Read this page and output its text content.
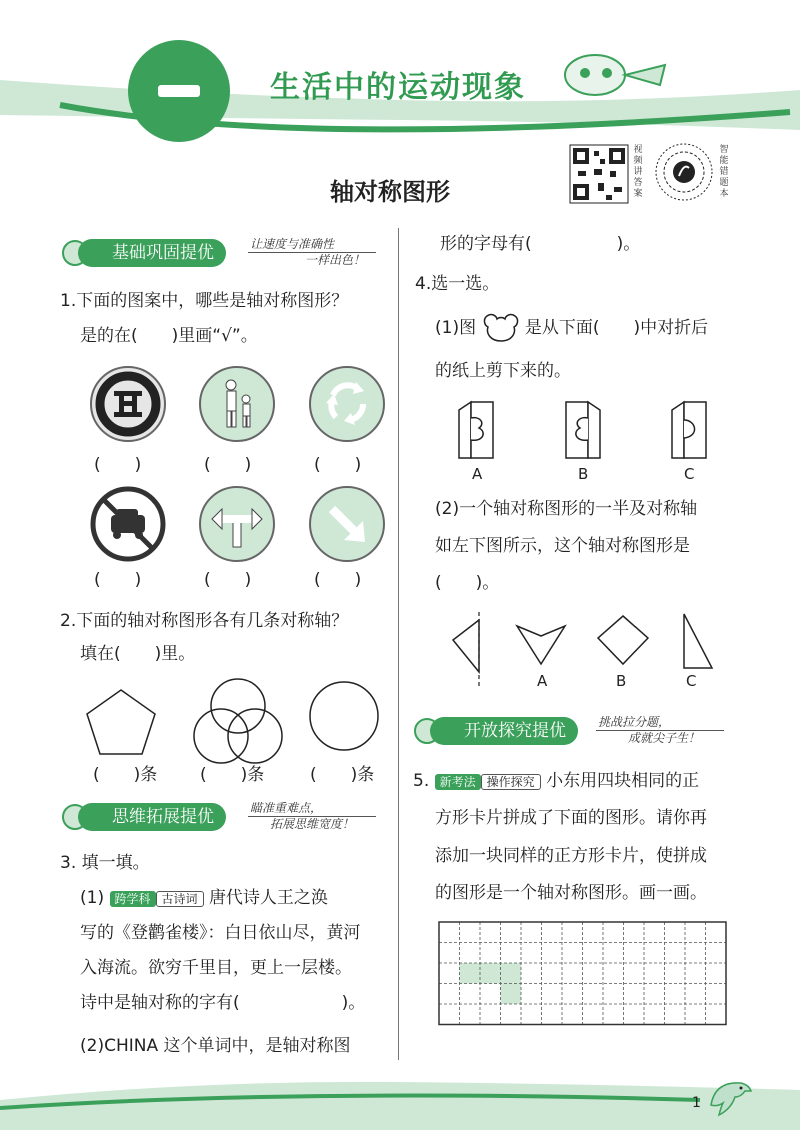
生活中的运动现象
轴对称图形
视
频
讲
答
案
智
能
错
题
本
基础巩固提优	让速度与准确性
一样出色！
1.下面的图案中，哪些是轴对称图形？
是的在(　　)里画“√”。
(　　)	(　　)	(　　)
(　　)	(　　)	(　　)
2.下面的轴对称图形各有几条对称轴？
填在(　　)里。
(　　)条	(　　)条	(　　)条
思维拓展提优	瞄准重难点，
拓展思维宽度！
3. 填一填。
(1) 跨学科 古诗词 唐代诗人王之涣
写的《登鹳雀楼》：白日依山尽，黄河
入海流。欲穷千里目，更上一层楼。
诗中是轴对称的字有(　　　　　　)。
(2)CHINA 这个单词中，是轴对称图
形的字母有(　　　　　)。
4.选一选。
(1)图	是从下面(　　)中对折后
的纸上剪下来的。
A	B	C
(2)一个轴对称图形的一半及对称轴
如左下图所示，这个轴对称图形是
(　　)。
A	B	C
开放探究提优	挑战拉分题，
成就尖子生！
5. 新考法 操作探究 小东用四块相同的正
方形卡片拼成了下面的图形。请你再
添加一块同样的正方形卡片，使拼成
的图形是一个轴对称图形。画一画。
1
